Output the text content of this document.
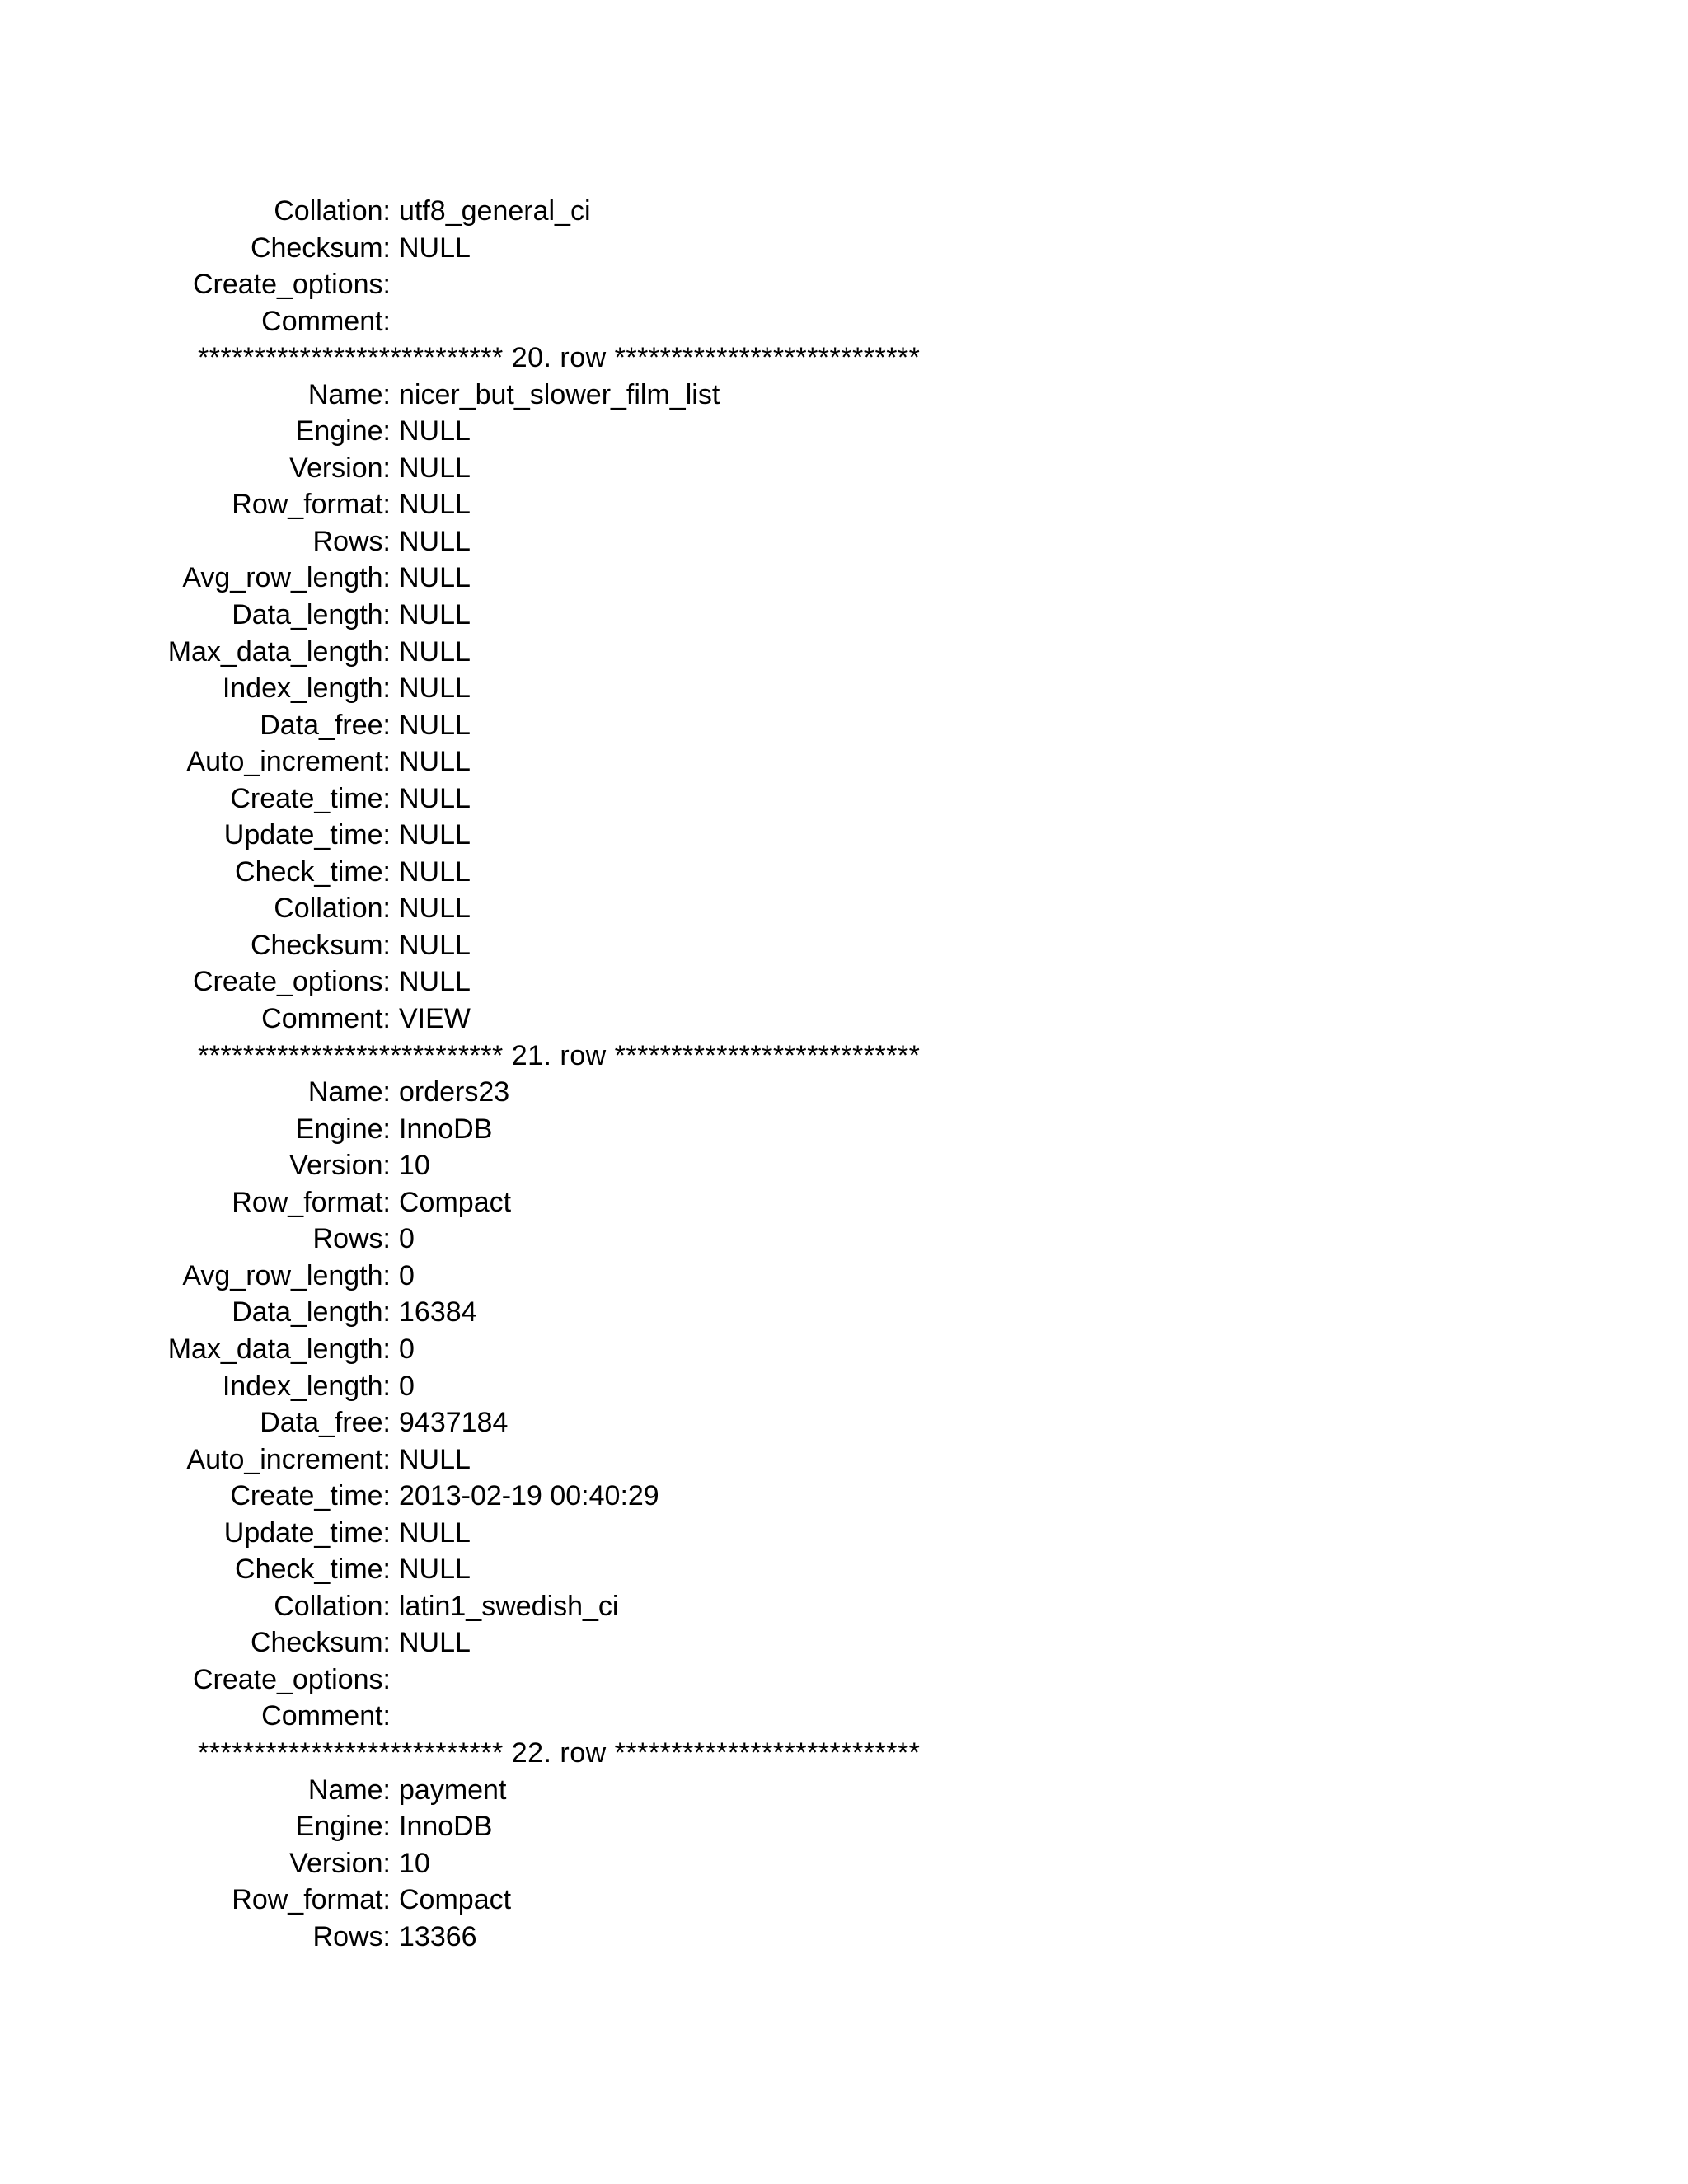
Collation: utf8_general_ci
Checksum: NULL
Create_options:
Comment:
*************************** 20. row ***************************
Name: nicer_but_slower_film_list
Engine: NULL
Version: NULL
Row_format: NULL
Rows: NULL
Avg_row_length: NULL
Data_length: NULL
Max_data_length: NULL
Index_length: NULL
Data_free: NULL
Auto_increment: NULL
Create_time: NULL
Update_time: NULL
Check_time: NULL
Collation: NULL
Checksum: NULL
Create_options: NULL
Comment: VIEW
*************************** 21. row ***************************
Name: orders23
Engine: InnoDB
Version: 10
Row_format: Compact
Rows: 0
Avg_row_length: 0
Data_length: 16384
Max_data_length: 0
Index_length: 0
Data_free: 9437184
Auto_increment: NULL
Create_time: 2013-02-19 00:40:29
Update_time: NULL
Check_time: NULL
Collation: latin1_swedish_ci
Checksum: NULL
Create_options:
Comment:
*************************** 22. row ***************************
Name: payment
Engine: InnoDB
Version: 10
Row_format: Compact
Rows: 13366
